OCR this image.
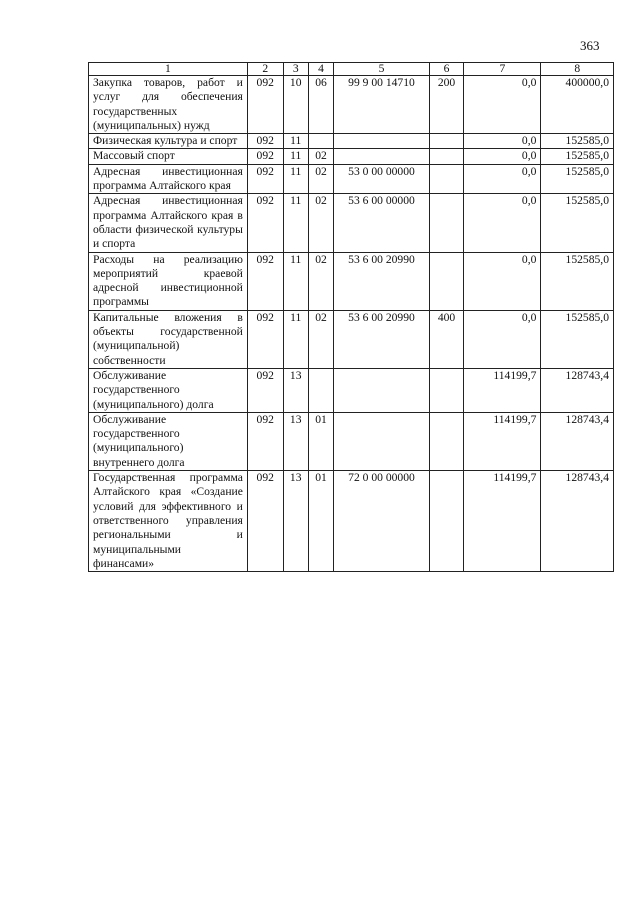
363
1	2	3	4	5	6	7	8
Закупка товаров, работ и услуг для обеспечения государственных (муниципальных) нужд	092	10	06	99 9 00 14710	200	0,0	400000,0
Физическая культура и спорт	092	11				0,0	152585,0
Массовый спорт	092	11	02			0,0	152585,0
Адресная инвестиционная программа Алтайского края	092	11	02	53 0 00 00000		0,0	152585,0
Адресная инвестиционная программа Алтайского края в области физической культуры и спорта	092	11	02	53 6 00 00000		0,0	152585,0
Расходы на реализацию мероприятий краевой адресной инвестиционной программы	092	11	02	53 6 00 20990		0,0	152585,0
Капитальные вложения в объекты государственной (муниципальной) собственности	092	11	02	53 6 00 20990	400	0,0	152585,0
Обслуживание государственного (муниципального) долга	092	13				114199,7	128743,4
Обслуживание государственного (муниципального) внутреннего долга	092	13	01			114199,7	128743,4
Государственная программа Алтайского края «Создание условий для эффективного и ответственного управления региональными и муниципальными финансами»	092	13	01	72 0 00 00000		114199,7	128743,4
